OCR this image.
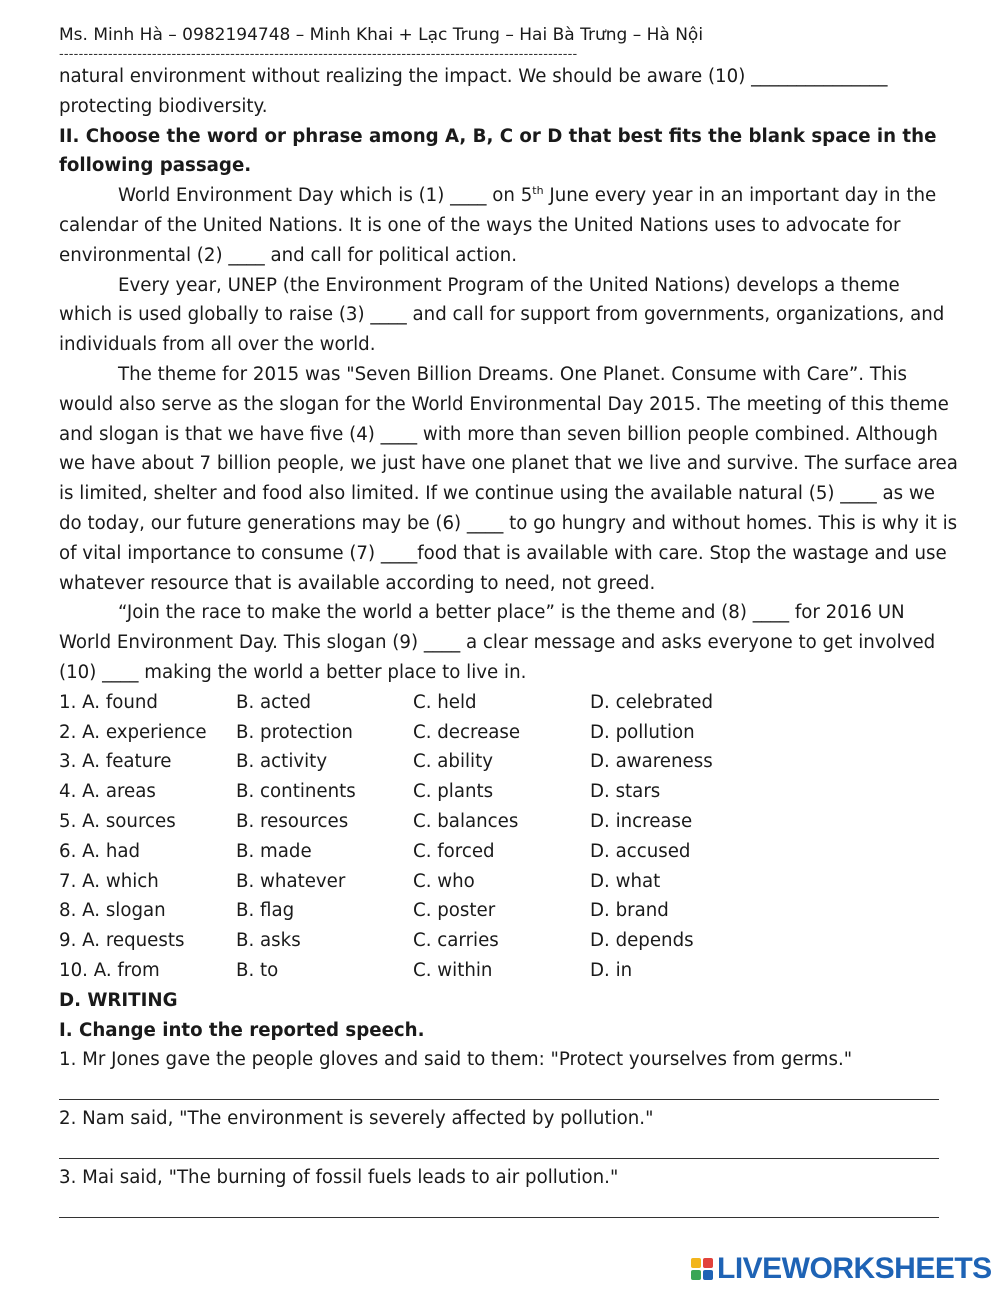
Ms. Minh Hà – 0982194748 – Minh Khai + Lạc Trung – Hai Bà Trưng – Hà Nội
----------------------------------------------------------------------------------------------------------
natural environment without realizing the impact. We should be aware (10) _______________
protecting biodiversity.
II. Choose the word or phrase among A, B, C or D that best fits the blank space in the
following passage.
World Environment Day which is (1) ____ on 5th June every year in an important day in the
calendar of the United Nations. It is one of the ways the United Nations uses to advocate for
environmental (2) ____ and call for political action.
Every year, UNEP (the Environment Program of the United Nations) develops a theme
which is used globally to raise (3) ____ and call for support from governments, organizations, and
individuals from all over the world.
The theme for 2015 was "Seven Billion Dreams. One Planet. Consume with Care”. This
would also serve as the slogan for the World Environmental Day 2015. The meeting of this theme
and slogan is that we have five (4) ____ with more than seven billion people combined. Although
we have about 7 billion people, we just have one planet that we live and survive. The surface area
is limited, shelter and food also limited. If we continue using the available natural (5) ____ as we
do today, our future generations may be (6) ____ to go hungry and without homes. This is why it is
of vital importance to consume (7) ____food that is available with care. Stop the wastage and use
whatever resource that is available according to need, not greed.
“Join the race to make the world a better place” is the theme and (8) ____ for 2016 UN
World Environment Day. This slogan (9) ____ a clear message and asks everyone to get involved
(10) ____ making the world a better place to live in.
1. A. found	B. acted	C. held	D. celebrated
2. A. experience	B. protection	C. decrease	D. pollution
3. A. feature	B. activity	C. ability	D. awareness
4. A. areas	B. continents	C. plants	D. stars
5. A. sources	B. resources	C. balances	D. increase
6. A. had	B. made	C. forced	D. accused
7. A. which	B. whatever	C. who	D. what
8. A. slogan	B. flag	C. poster	D. brand
9. A. requests	B. asks	C. carries	D. depends
10. A. from	B. to	C. within	D. in
D. WRITING
I. Change into the reported speech.
1. Mr Jones gave the people gloves and said to them: "Protect yourselves from germs."
2. Nam said, "The environment is severely affected by pollution."
3. Mai said, "The burning of fossil fuels leads to air pollution."
LIVEWORKSHEETS
